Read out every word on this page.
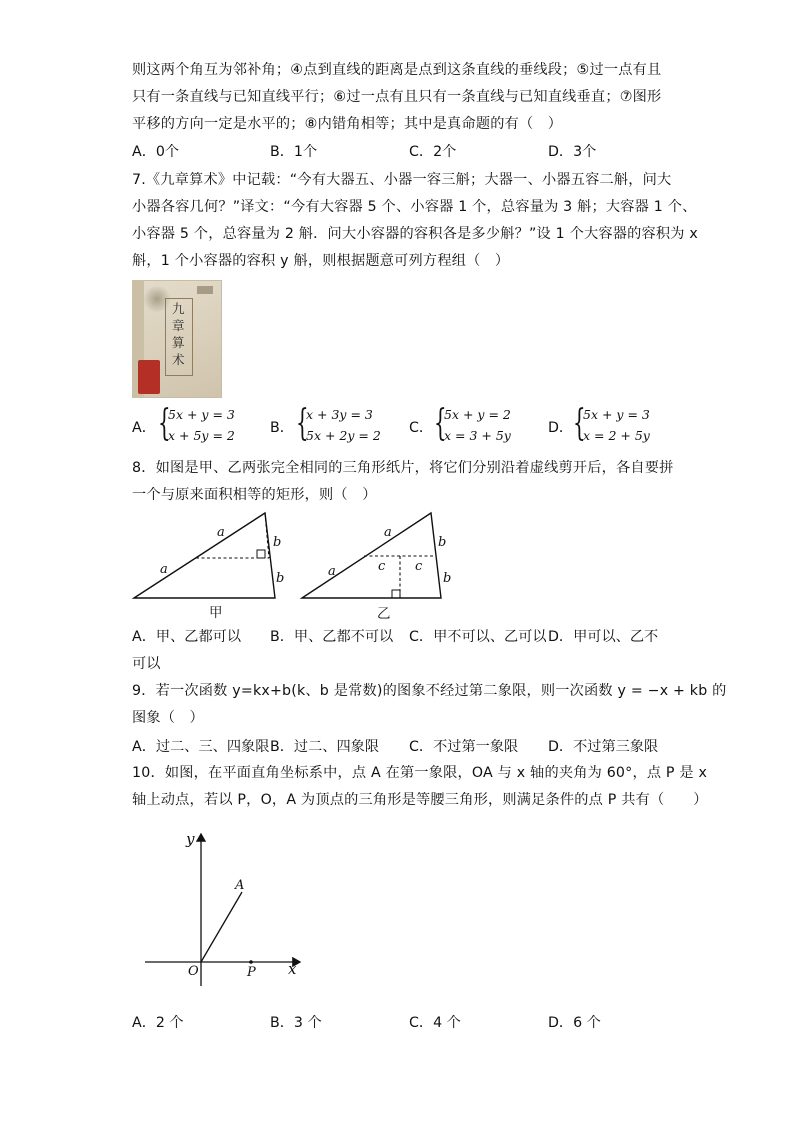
则这两个角互为邻补角；④点到直线的距离是点到这条直线的垂线段；⑤过一点有且
只有一条直线与已知直线平行；⑥过一点有且只有一条直线与已知直线垂直；⑦图形
平移的方向一定是水平的；⑧内错角相等；其中是真命题的有（　）
A．0个	B．1个	C．2个	D．3个
7.《九章算术》中记载：“今有大器五、小器一容三斛；大器一、小器五容二斛，问大
小器各容几何？”译文：“今有大容器 5 个、小容器 1 个，总容量为 3 斛；大容器 1 个、
小容器 5 个，总容量为 2 斛．问大小容器的容积各是多少斛？”设 1 个大容器的容积为 x
斛，1 个小容器的容积 y 斛，则根据题意可列方程组（　）
九章算术
A． {
5x + y = 3
x + 5y = 2 B． {
x + 3y = 3
5x + 2y = 2 C． {
5x + y = 2
x = 3 + 5y	D． {
5x + y = 3
x = 2 + 5y
8．如图是甲、乙两张完全相同的三角形纸片，将它们分别沿着虚线剪开后，各自要拼
一个与原来面积相等的矩形，则（　）
a
a
b
b
甲
a
a
b
b
c c
乙
A．甲、乙都可以 B．甲、乙都不可以 C．甲不可以、乙可以 D．甲可以、乙不
可以
9．若一次函数 y=kx+b(k、b 是常数)的图象不经过第二象限，则一次函数 y = −x + kb 的
图象（　）
A．过二、三、四象限 B．过二、四象限 C．不过第一象限 D．不过第三象限
10．如图，在平面直角坐标系中，点 A 在第一象限，OA 与 x 轴的夹角为 60°，点 P 是 x
轴上动点，若以 P，O，A 为顶点的三角形是等腰三角形，则满足条件的点 P 共有（　　）
y
x
O
A
P
A．2 个	B．3 个	C．4 个	D．6 个
